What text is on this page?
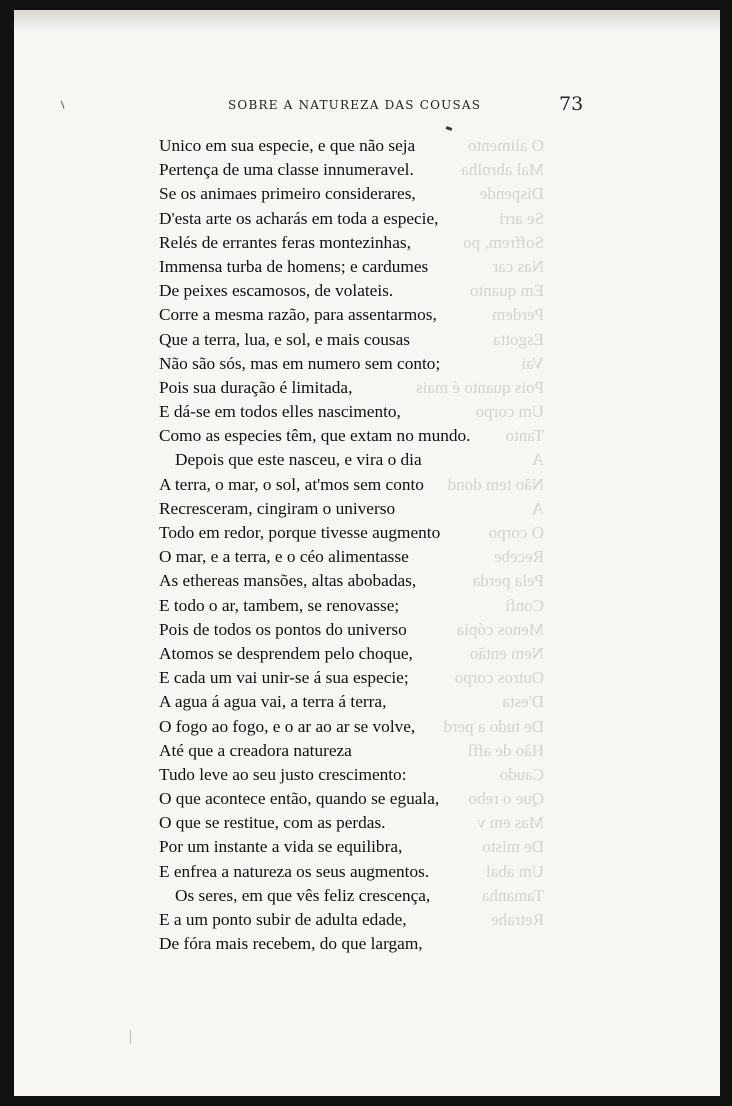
SOBRE A NATUREZA DAS COUSAS	73
O alimento
Mal abrolha
Dispende
Se arri
Soffrem, po
Nas car
Em quanto
Perdem
Esgotta
Vai
Pois quanto é mais
Um corpo
Tanto
A
Não tem dond
A
O corpo
Recebe
Pela perda
Confi
Menos cópia
Nem então
Outros corpo
D'esta
De tudo a perd
Hão de affl
Caudo
Que o rebo
Mas em v
De misto
Um abal
Tamanha
Retrahe
Unico em sua especie, e que não seja
Pertença de uma classe innumeravel.
Se os animaes primeiro considerares,
D'esta arte os acharás em toda a especie,
Relés de errantes feras montezinhas,
Immensa turba de homens; e cardumes
De peixes escamosos, de volateis.
Corre a mesma razão, para assentarmos,
Que a terra, lua, e sol, e mais cousas
Não são sós, mas em numero sem conto;
Pois sua duração é limitada,
E dá-se em todos elles nascimento,
Como as especies têm, que extam no mundo.
Depois que este nasceu, e vira o dia
A terra, o mar, o sol, at'mos sem conto
Recresceram, cingiram o universo
Todo em redor, porque tivesse augmento
O mar, e a terra, e o céo alimentasse
As ethereas mansões, altas abobadas,
E todo o ar, tambem, se renovasse;
Pois de todos os pontos do universo
Atomos se desprendem pelo choque,
E cada um vai unir-se á sua especie;
A agua á agua vai, a terra á terra,
O fogo ao fogo, e o ar ao ar se volve,
Até que a creadora natureza
Tudo leve ao seu justo crescimento:
O que acontece então, quando se eguala,
O que se restitue, com as perdas.
Por um instante a vida se equilibra,
E enfrea a natureza os seus augmentos.
Os seres, em que vês feliz crescença,
E a um ponto subir de adulta edade,
De fóra mais recebem, do que largam,
